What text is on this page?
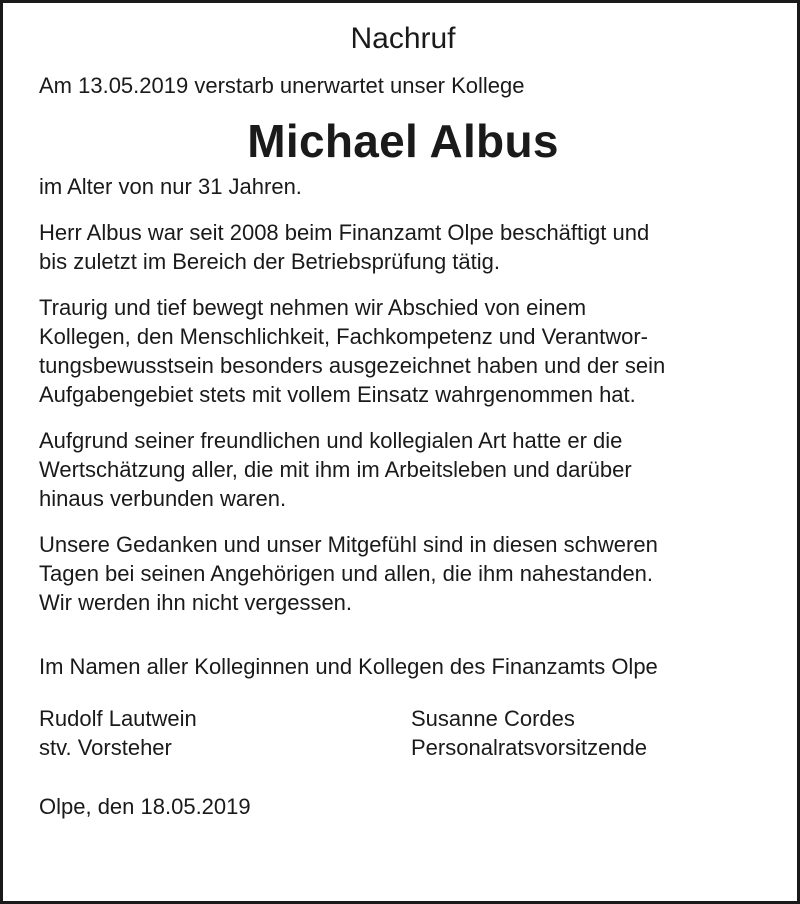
Nachruf
Am 13.05.2019 verstarb unerwartet unser Kollege
Michael Albus
im Alter von nur 31 Jahren.
Herr Albus war seit 2008 beim Finanzamt Olpe beschäftigt und
bis zuletzt im Bereich der Betriebsprüfung tätig.
Traurig und tief bewegt nehmen wir Abschied von einem
Kollegen, den Menschlichkeit, Fachkompetenz und Verantwor-
tungsbewusstsein besonders ausgezeichnet haben und der sein
Aufgabengebiet stets mit vollem Einsatz wahrgenommen hat.
Aufgrund seiner freundlichen und kollegialen Art hatte er die
Wertschätzung aller, die mit ihm im Arbeitsleben und darüber
hinaus verbunden waren.
Unsere Gedanken und unser Mitgefühl sind in diesen schweren
Tagen bei seinen Angehörigen und allen, die ihm nahestanden.
Wir werden ihn nicht vergessen.
Im Namen aller Kolleginnen und Kollegen des Finanzamts Olpe
Rudolf Lautwein
stv. Vorsteher
Susanne Cordes
Personalratsvorsitzende
Olpe, den 18.05.2019
